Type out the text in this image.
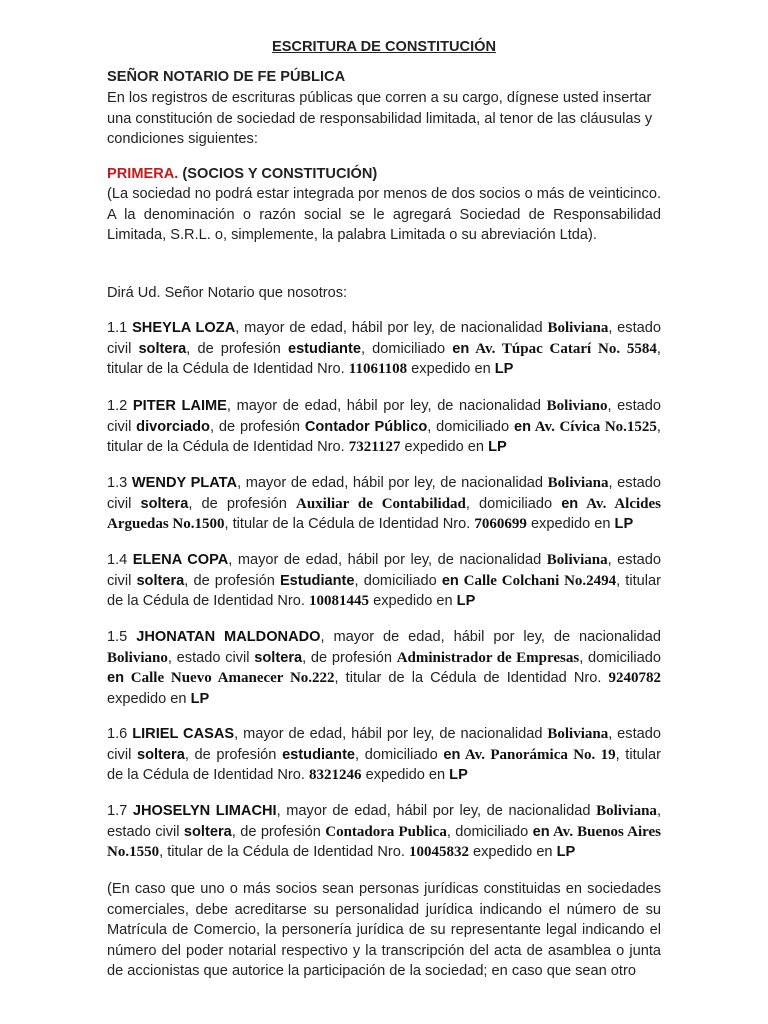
ESCRITURA DE CONSTITUCIÓN
SEÑOR NOTARIO DE FE PÚBLICA

En los registros de escrituras públicas que corren a su cargo, dígnese usted insertar una constitución de sociedad de responsabilidad limitada, al tenor de las cláusulas y condiciones siguientes:

PRIMERA. (SOCIOS Y CONSTITUCIÓN)

(La sociedad no podrá estar integrada por menos de dos socios o más de veinticinco. A la denominación o razón social se le agregará Sociedad de Responsabilidad Limitada, S.R.L. o, simplemente, la palabra Limitada o su abreviación Ltda).

Dirá Ud. Señor Notario que nosotros:

1.1 SHEYLA LOZA, mayor de edad, hábil por ley, de nacionalidad Boliviana, estado civil soltera, de profesión estudiante, domiciliado en Av. Túpac Catarí No. 5584, titular de la Cédula de Identidad Nro. 11061108 expedido en LP

1.2 PITER LAIME, mayor de edad, hábil por ley, de nacionalidad Boliviano, estado civil divorciado, de profesión Contador Público, domiciliado en Av. Cívica No.1525, titular de la Cédula de Identidad Nro. 7321127 expedido en LP

1.3 WENDY PLATA, mayor de edad, hábil por ley, de nacionalidad Boliviana, estado civil soltera, de profesión Auxiliar de Contabilidad, domiciliado en Av. Alcides Arguedas No.1500, titular de la Cédula de Identidad Nro. 7060699 expedido en LP

1.4 ELENA COPA, mayor de edad, hábil por ley, de nacionalidad Boliviana, estado civil soltera, de profesión Estudiante, domiciliado en Calle Colchani No.2494, titular de la Cédula de Identidad Nro. 10081445 expedido en LP

1.5 JHONATAN MALDONADO, mayor de edad, hábil por ley, de nacionalidad Boliviano, estado civil soltera, de profesión Administrador de Empresas, domiciliado en Calle Nuevo Amanecer No.222, titular de la Cédula de Identidad Nro. 9240782 expedido en LP

1.6 LIRIEL CASAS, mayor de edad, hábil por ley, de nacionalidad Boliviana, estado civil soltera, de profesión estudiante, domiciliado en Av. Panorámica No. 19, titular de la Cédula de Identidad Nro. 8321246 expedido en LP

1.7 JHOSELYN LIMACHI, mayor de edad, hábil por ley, de nacionalidad Boliviana, estado civil soltera, de profesión Contadora Publica, domiciliado en Av. Buenos Aires No.1550, titular de la Cédula de Identidad Nro. 10045832 expedido en LP

(En caso que uno o más socios sean personas jurídicas constituidas en sociedades comerciales, debe acreditarse su personalidad jurídica indicando el número de su Matrícula de Comercio, la personería jurídica de su representante legal indicando el número del poder notarial respectivo y la transcripción del acta de asamblea o junta de accionistas que autorice la participación de la sociedad; en caso que sean otro
